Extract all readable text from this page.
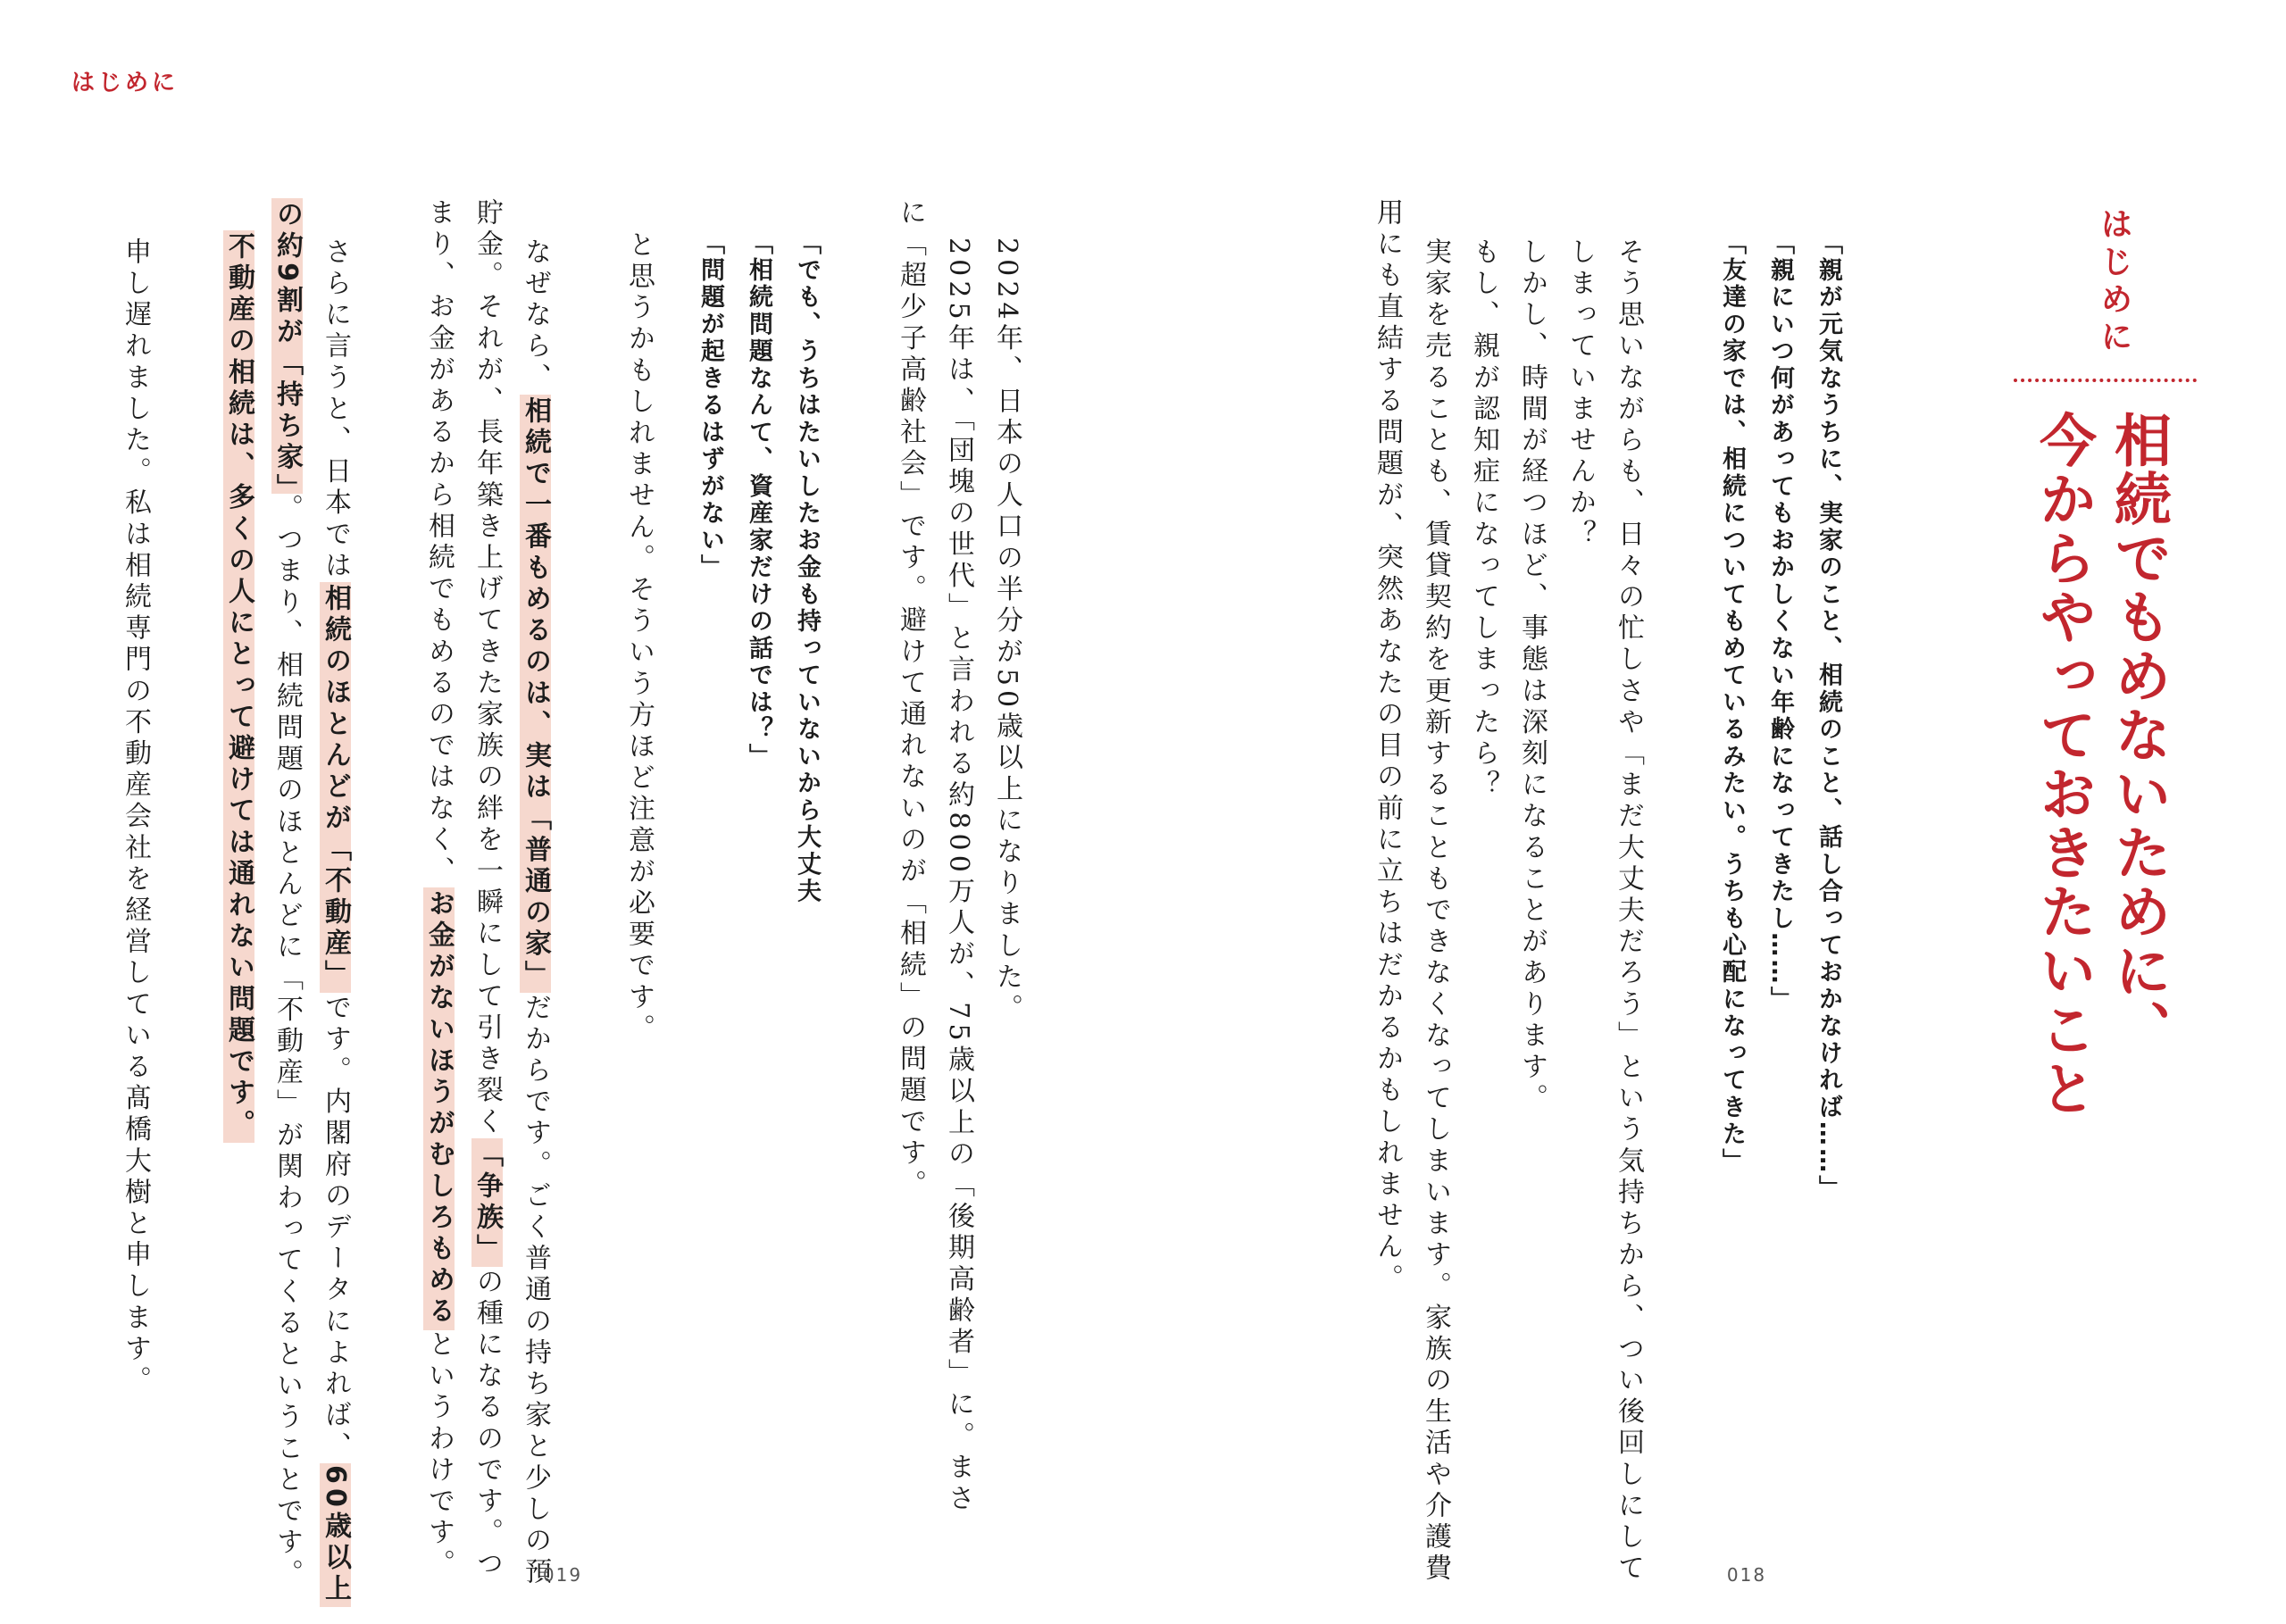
はじめに

はじめに

相続でもめないために、

今からやっておきたいこと

「親が元気なうちに、実家のこと、相続のこと、話し合っておかなければ……」

「親にいつ何があってもおかしくない年齢になってきたし……」

「友達の家では、相続についてもめているみたい。うちも心配になってきた」

そう思いながらも、日々の忙しさや「まだ大丈夫だろう」という気持ちから、つい後回しにして

しまっていませんか？

しかし、時間が経つほど、事態は深刻になることがあります。

もし、親が認知症になってしまったら？

実家を売ることも、賃貸契約を更新することもできなくなってしまいます。家族の生活や介護費

用にも直結する問題が、突然あなたの目の前に立ちはだかるかもしれません。

018

2024年、日本の人口の半分が50歳以上になりました。

2025年は、「団塊の世代」と言われる約800万人が、75歳以上の「後期高齢者」に。まさ

に「超少子高齢社会」です。避けて通れないのが「相続」の問題です。

「でも、うちはたいしたお金も持っていないから大丈夫

「相続問題なんて、資産家だけの話では？」

「問題が起きるはずがない」

と思うかもしれません。そういう方ほど注意が必要です。

なぜなら、相続で一番もめるのは、実は「普通の家」だからです。ごく普通の持ち家と少しの預

貯金。それが、長年築き上げてきた家族の絆を一瞬にして引き裂く「争族」の種になるのです。つ

まり、お金があるから相続でもめるのではなく、お金がないほうがむしろもめるというわけです。

さらに言うと、日本では相続のほとんどが「不動産」です。内閣府のデータによれば、60歳以上

の約9割が「持ち家」。つまり、相続問題のほとんどに「不動産」が関わってくるということです。

不動産の相続は、多くの人にとって避けては通れない問題です。

申し遅れました。私は相続専門の不動産会社を経営している髙橋大樹と申します。

019
